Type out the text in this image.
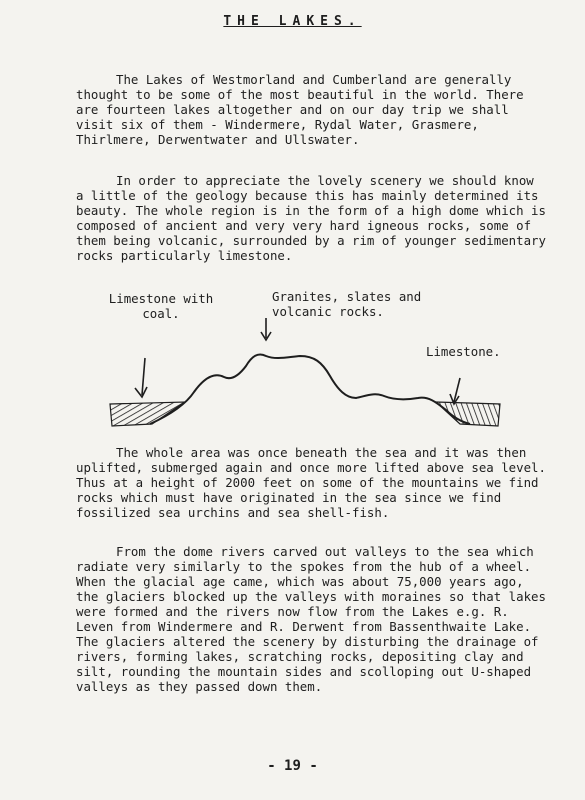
THE LAKES.

The Lakes of Westmorland and Cumberland are generally thought to be some of the most beautiful in the world. There are fourteen lakes altogether and on our day trip we shall visit six of them - Windermere, Rydal Water, Grasmere, Thirlmere, Derwentwater and Ullswater.

In order to appreciate the lovely scenery we should know a little of the geology because this has mainly determined its beauty. The whole region is in the form of a high dome which is composed of ancient and very very hard igneous rocks, some of them being volcanic, surrounded by a rim of younger sedimentary rocks particularly limestone.

Limestone with coal.
Granites, slates and volcanic rocks.
Limestone.

The whole area was once beneath the sea and it was then uplifted, submerged again and once more lifted above sea level. Thus at a height of 2000 feet on some of the mountains we find rocks which must have originated in the sea since we find fossilized sea urchins and sea shell-fish.

From the dome rivers carved out valleys to the sea which radiate very similarly to the spokes from the hub of a wheel. When the glacial age came, which was about 75,000 years ago, the glaciers blocked up the valleys with moraines so that lakes were formed and the rivers now flow from the Lakes e.g. R. Leven from Windermere and R. Derwent from Bassenthwaite Lake. The glaciers altered the scenery by disturbing the drainage of rivers, forming lakes, scratching rocks, depositing clay and silt, rounding the mountain sides and scolloping out U-shaped valleys as they passed down them.

- 19 -
